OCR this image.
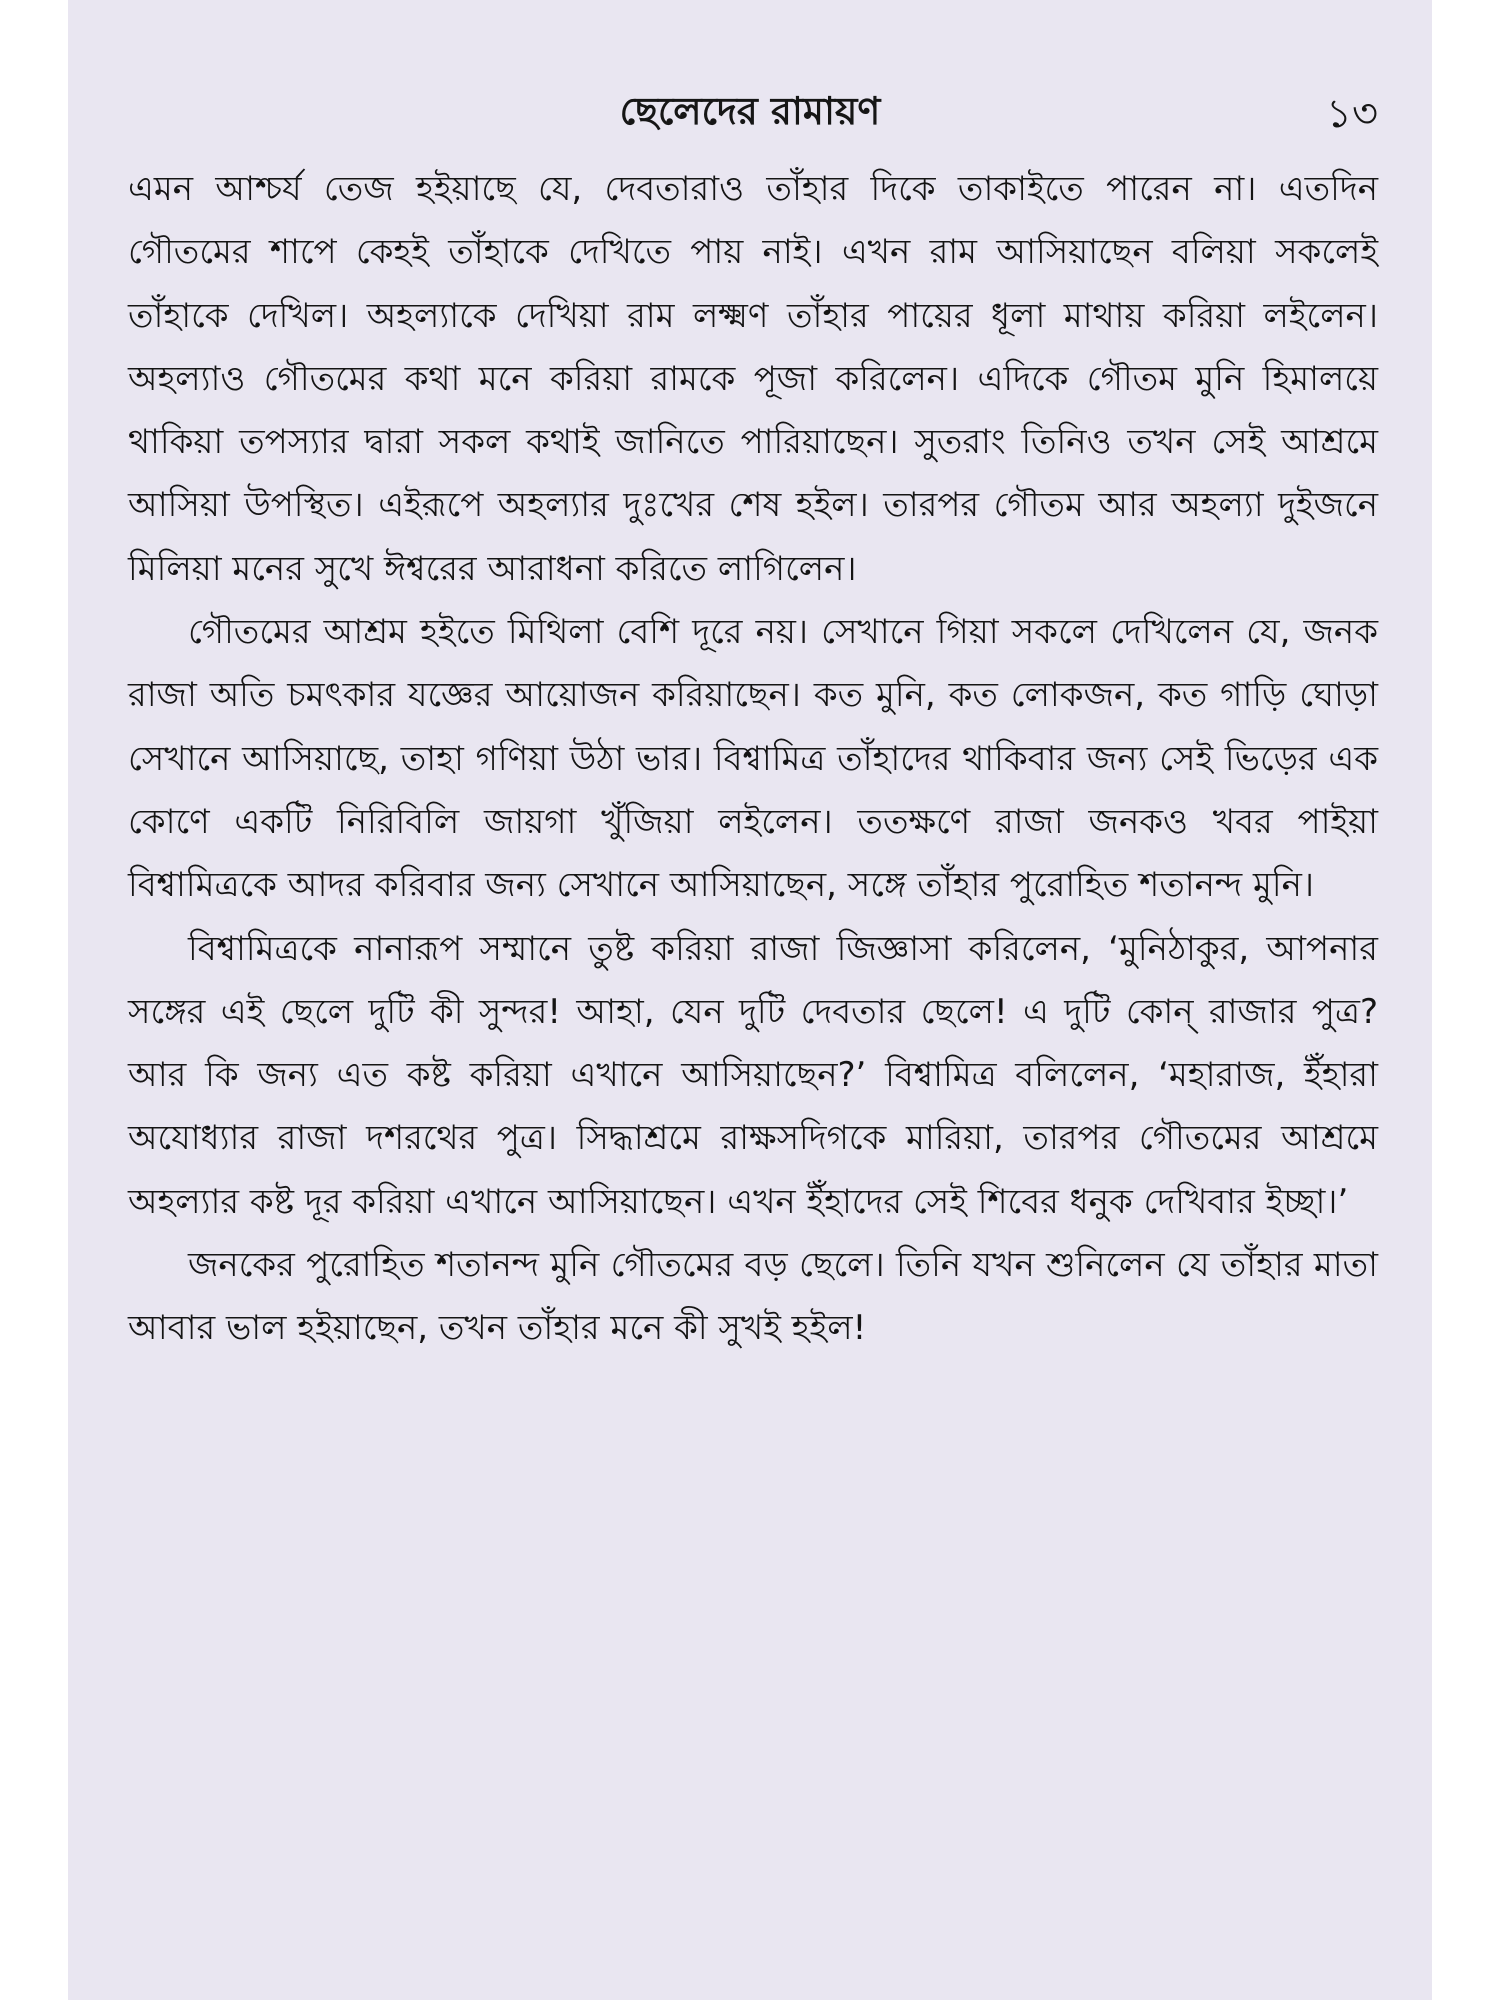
ছেলেদের রামায়ণ	১৩

এমন আশ্চর্য তেজ হইয়াছে যে, দেবতারাও তাঁহার দিকে তাকাইতে পারেন না। এতদিন গৌতমের শাপে কেহই তাঁহাকে দেখিতে পায় নাই। এখন রাম আসিয়াছেন বলিয়া সকলেই তাঁহাকে দেখিল। অহল্যাকে দেখিয়া রাম লক্ষ্মণ তাঁহার পায়ের ধূলা মাথায় করিয়া লইলেন। অহল্যাও গৌতমের কথা মনে করিয়া রামকে পূজা করিলেন। এদিকে গৌতম মুনি হিমালয়ে থাকিয়া তপস্যার দ্বারা সকল কথাই জানিতে পারিয়াছেন। সুতরাং তিনিও তখন সেই আশ্রমে আসিয়া উপস্থিত। এইরূপে অহল্যার দুঃখের শেষ হইল। তারপর গৌতম আর অহল্যা দুইজনে মিলিয়া মনের সুখে ঈশ্বরের আরাধনা করিতে লাগিলেন।

গৌতমের আশ্রম হইতে মিথিলা বেশি দূরে নয়। সেখানে গিয়া সকলে দেখিলেন যে, জনক রাজা অতি চমৎকার যজ্ঞের আয়োজন করিয়াছেন। কত মুনি, কত লোকজন, কত গাড়ি ঘোড়া সেখানে আসিয়াছে, তাহা গণিয়া উঠা ভার। বিশ্বামিত্র তাঁহাদের থাকিবার জন্য সেই ভিড়ের এক কোণে একটি নিরিবিলি জায়গা খুঁজিয়া লইলেন। ততক্ষণে রাজা জনকও খবর পাইয়া বিশ্বামিত্রকে আদর করিবার জন্য সেখানে আসিয়াছেন, সঙ্গে তাঁহার পুরোহিত শতানন্দ মুনি।

বিশ্বামিত্রকে নানারূপ সম্মানে তুষ্ট করিয়া রাজা জিজ্ঞাসা করিলেন, ‘মুনিঠাকুর, আপনার সঙ্গের এই ছেলে দুটি কী সুন্দর! আহা, যেন দুটি দেবতার ছেলে! এ দুটি কোন্ রাজার পুত্র? আর কি জন্য এত কষ্ট করিয়া এখানে আসিয়াছেন?’ বিশ্বামিত্র বলিলেন, ‘মহারাজ, ইঁহারা অযোধ্যার রাজা দশরথের পুত্র। সিদ্ধাশ্রমে রাক্ষসদিগকে মারিয়া, তারপর গৌতমের আশ্রমে অহল্যার কষ্ট দূর করিয়া এখানে আসিয়াছেন। এখন ইঁহাদের সেই শিবের ধনুক দেখিবার ইচ্ছা।’

জনকের পুরোহিত শতানন্দ মুনি গৌতমের বড় ছেলে। তিনি যখন শুনিলেন যে তাঁহার মাতা আবার ভাল হইয়াছেন, তখন তাঁহার মনে কী সুখই হইল!
